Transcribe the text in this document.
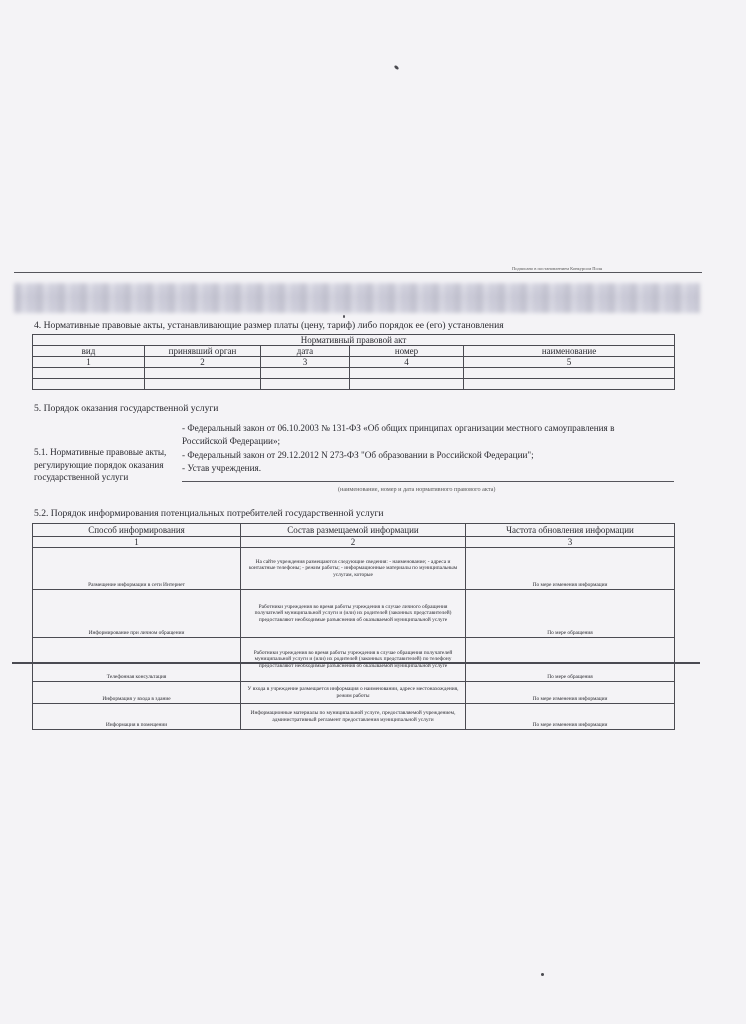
Подписано в постановлением Конкурсом Поля
4. Нормативные правовые акты, устанавливающие размер платы (цену, тариф) либо порядок ее (его) установления
Нормативный правовой акт				
вид	принявший орган	дата	номер	наименование
1	2	3	4	5

5. Порядок оказания государственной услуги
5.1. Нормативные правовые акты, регулирующие порядок оказания государственной услуги
- Федеральный закон от 06.10.2003 № 131-ФЗ «Об общих принципах организации местного самоуправления в Российской Федерации»;
- Федеральный закон от 29.12.2012 N 273-ФЗ "Об образовании в Российской Федерации";
- Устав учреждения.
(наименование, номер и дата нормативного правового акта)
5.2. Порядок информирования потенциальных потребителей государственной услуги
Способ информирования	Состав размещаемой информации	Частота обновления информации
1	2	3

Размещение информации в сети Интернет	На сайте учреждения размещаются следующие сведения: - наименование; - адреса и контактные телефоны; - режим работы; - информационные материалы по муниципальным услугам, которые	По мере изменения информации

Информирование при личном обращении	Работники учреждения во время работы учреждения в случае личного обращения получателей муниципальной услуги и (или) их родителей (законных представителей) предоставляют необходимые разъяснения об оказываемой муниципальной услуге	По мере обращения

Телефонная консультация	Работники учреждения во время работы учреждения в случае обращения получателей муниципальной услуги и (или) их родителей (законных представителей) по телефону предоставляют необходимые разъяснения об оказываемой муниципальной услуге	По мере обращения

Информация у входа в здание	У входа в учреждение размещается информация о наименовании, адресе местонахождения, режим работы	По мере изменения информации

Информация в помещении	Информационные материалы по муниципальной услуге, предоставляемой учреждением, административный регламент предоставления муниципальной услуги	По мере изменения информации
